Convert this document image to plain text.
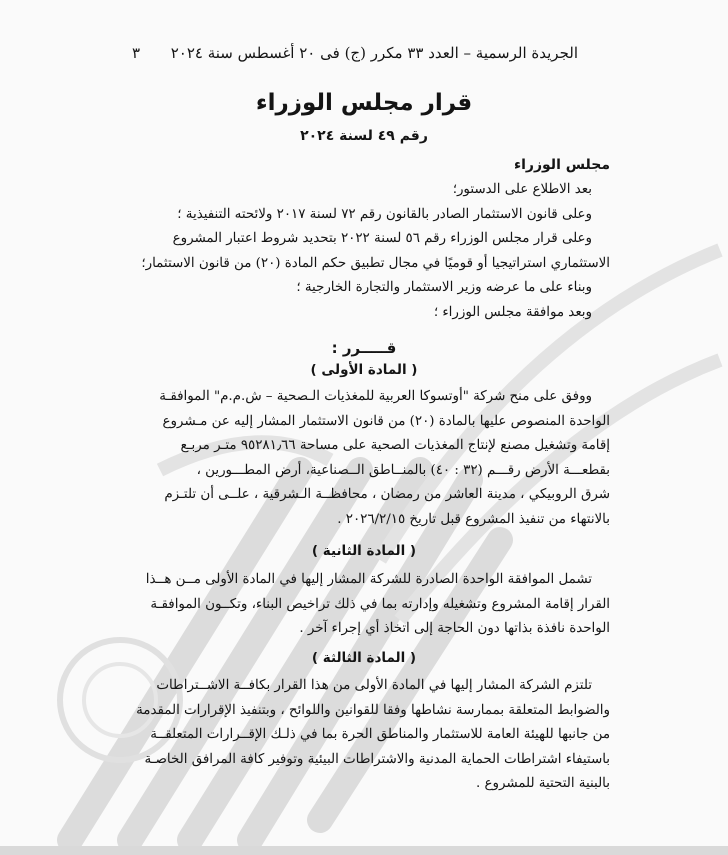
٣	الجريدة الرسمية – العدد ٣٣ مكرر (ج) فى ٢٠ أغسطس سنة ٢٠٢٤
قرار مجلس الوزراء
رقم ٤٩ لسنة ٢٠٢٤
مجلس الوزراء
بعد الاطلاع على الدستور؛
وعلى قانون الاستثمار الصادر بالقانون رقم ٧٢ لسنة ٢٠١٧ ولائحته التنفيذية ؛
وعلى قرار مجلس الوزراء رقم ٥٦ لسنة ٢٠٢٢ بتحديد شروط اعتبار المشروع
الاستثماري استراتيجيا أو قوميًا في مجال تطبيق حكم المادة (٢٠) من قانون الاستثمار؛
وبناء على ما عرضه وزير الاستثمار والتجارة الخارجية ؛
وبعد موافقة مجلس الوزراء ؛
قـــــرر :
( المادة الأولى )
ووفق على منح شركة "أوتسوكا العربية للمغذيات الـصحية – ش.م.م" الموافقـة
الواحدة المنصوص عليها بالمادة (٢٠) من قانون الاستثمار المشار إليه عن مـشروع
إقامة وتشغيل مصنع لإنتاج المغذيات الصحية على مساحة ٩٥٢٨١٫٦٦ متـر مربـع
بقطعـــة الأرض رقـــم (٣٢ : ٤٠) بالمنــاطق الــصناعية، أرض المطـــورين ،
شرق الروبيكي ، مدينة العاشر من رمضان ، محافظــة الـشرقية ، علــى أن تلتـزم
بالانتهاء من تنفيذ المشروع قبل تاريخ ٢٠٢٦/٢/١٥ .
( المادة الثانية )
تشمل الموافقة الواحدة الصادرة للشركة المشار إليها في المادة الأولى مــن هــذا
القرار إقامة المشروع وتشغيله وإدارته بما في ذلك تراخيص البناء، وتكــون الموافقـة
الواحدة نافذة بذاتها دون الحاجة إلى اتخاذ أي إجراء آخر .
( المادة الثالثة )
تلتزم الشركة المشار إليها في المادة الأولى من هذا القرار بكافــة الاشــتراطات
والضوابط المتعلقة بممارسة نشاطها وفقا للقوانين واللوائح ، وبتنفيذ الإقرارات المقدمة
من جانبها للهيئة العامة للاستثمار والمناطق الحرة بما في ذلـك الإقــرارات المتعلقــة
باستيفاء اشتراطات الحماية المدنية والاشتراطات البيئية وتوفير كافة المرافق الخاصـة
بالبنية التحتية للمشروع .
